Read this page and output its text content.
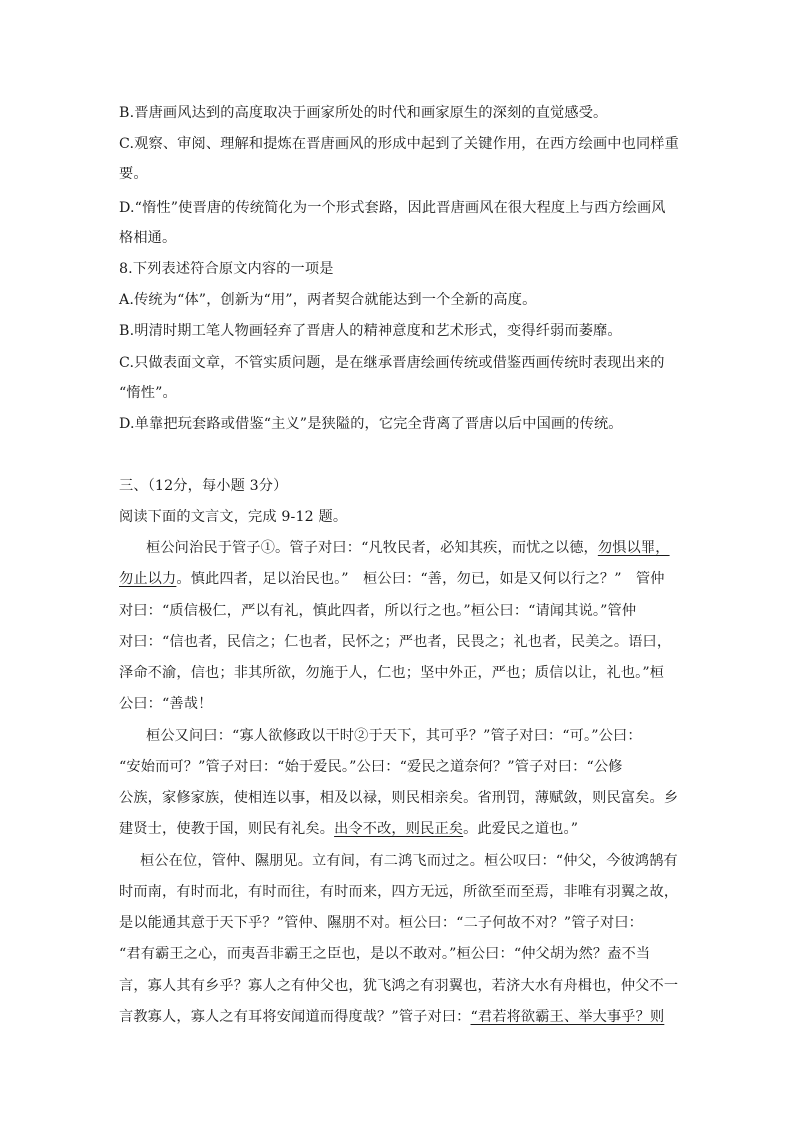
B.晋唐画风达到的高度取决于画家所处的时代和画家原生的深刻的直觉感受。
C.观察、审阅、理解和提炼在晋唐画风的形成中起到了关键作用，在西方绘画中也同样重
要。
D.“惰性”使晋唐的传统简化为一个形式套路，因此晋唐画风在很大程度上与西方绘画风
格相通。
8.下列表述符合原文内容的一项是
A.传统为“体”，创新为“用”，两者契合就能达到一个全新的高度。
B.明清时期工笔人物画轻弃了晋唐人的精神意度和艺术形式，变得纤弱而萎靡。
C.只做表面文章，不管实质问题，是在继承晋唐绘画传统或借鉴西画传统时表现出来的
“惰性”。
D.单靠把玩套路或借鉴“主义”是狭隘的，它完全背离了晋唐以后中国画的传统。
三、（12分，每小题 3分）
阅读下面的文言文，完成 9-12 题。
桓公问治民于管子①。管子对曰：“凡牧民者，必知其疾，而忧之以德，勿惧以罪，
勿止以力。慎此四者，足以治民也。”　桓公曰：“善，勿已，如是又何以行之？”　管仲
对曰：“质信极仁，严以有礼，慎此四者，所以行之也。”桓公曰：“请闻其说。”管仲
对曰：“信也者，民信之；仁也者，民怀之；严也者，民畏之；礼也者，民美之。语曰，
泽命不渝，信也；非其所欲，勿施于人，仁也；坚中外正，严也；质信以让，礼也。”桓
公曰：“善哉！
桓公又问曰：“寡人欲修政以干时②于天下，其可乎？”管子对曰：“可。”公曰：
“安始而可？”管子对曰：“始于爱民。”公曰：“爱民之道奈何？”管子对曰：“公修
公族，家修家族，使相连以事，相及以禄，则民相亲矣。省刑罚，薄赋敛，则民富矣。乡
建贤士，使教于国，则民有礼矣。出令不改，则民正矣。此爱民之道也。”
桓公在位，管仲、隰朋见。立有间，有二鸿飞而过之。桓公叹曰：“仲父，今彼鸿鹄有
时而南，有时而北，有时而往，有时而来，四方无远，所欲至而至焉，非唯有羽翼之故，
是以能通其意于天下乎？”管仲、隰朋不对。桓公曰：“二子何故不对？”管子对曰：
“君有霸王之心，而夷吾非霸王之臣也，是以不敢对。”桓公曰：“仲父胡为然？盍不当
言，寡人其有乡乎？寡人之有仲父也，犹飞鸿之有羽翼也，若济大水有舟楫也，仲父不一
言教寡人，寡人之有耳将安闻道而得度哉？”管子对曰：“君若将欲霸王、举大事乎？则
